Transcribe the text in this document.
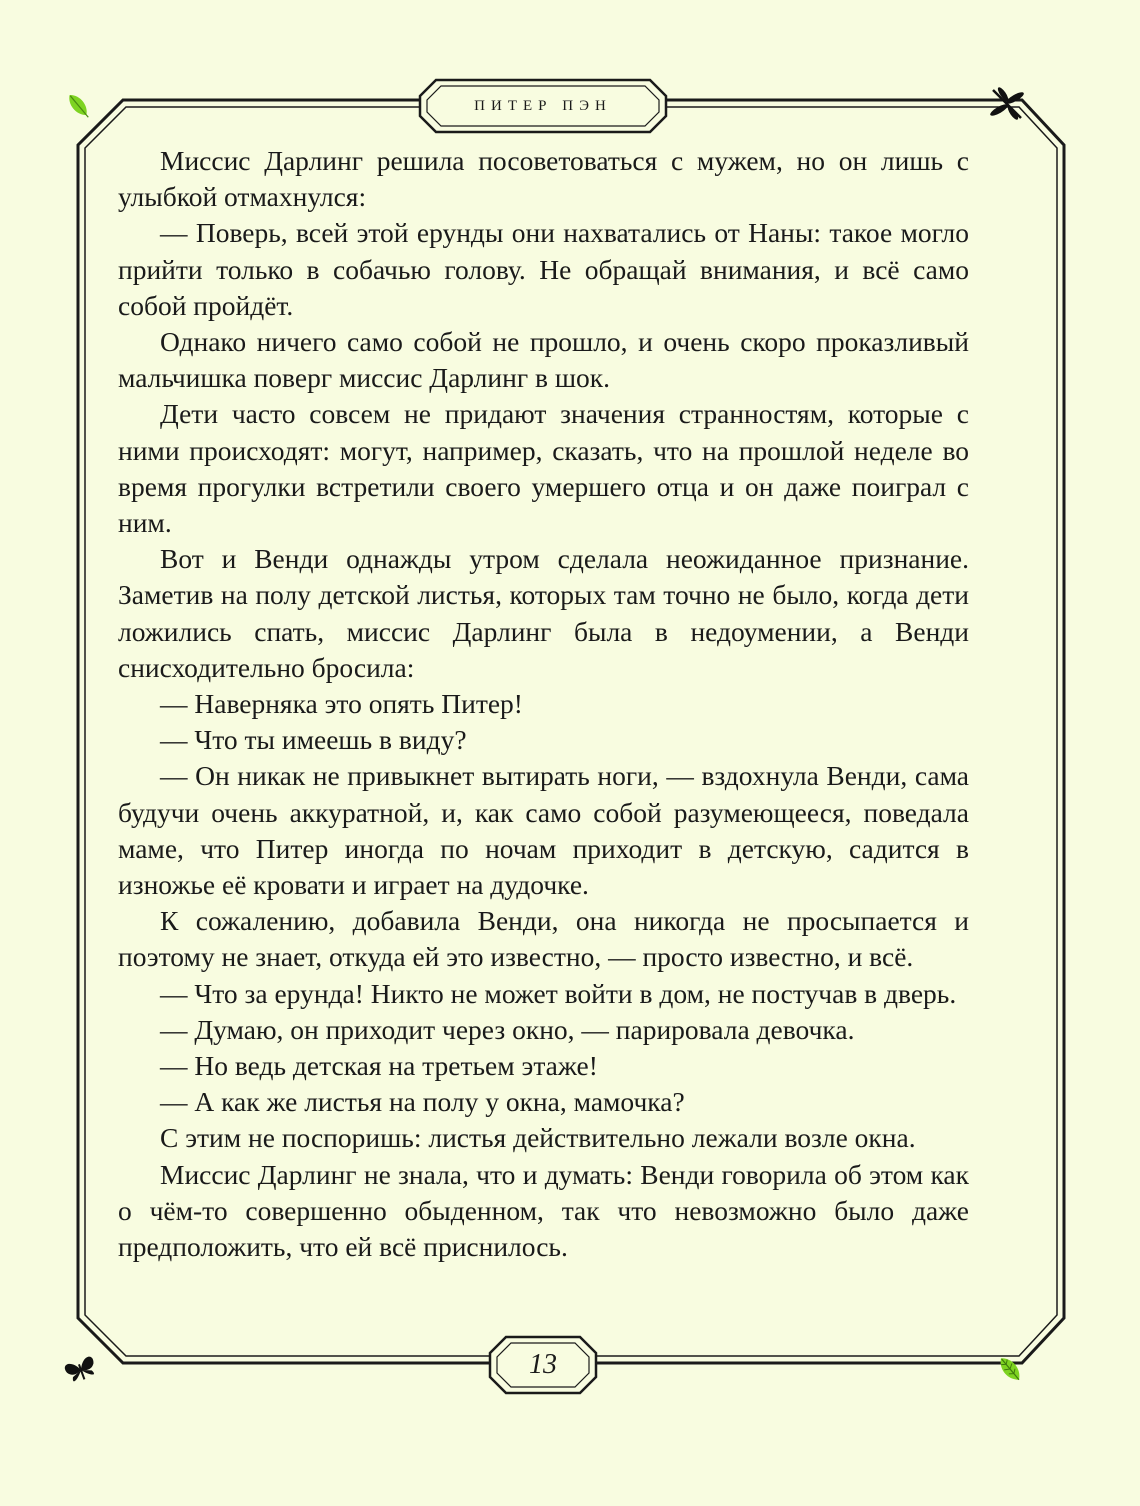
ПИТЕР ПЭН

Миссис Дарлинг решила посоветоваться с мужем, но он лишь с улыбкой отмахнулся:

— Поверь, всей этой ерунды они нахватались от Наны: такое могло прийти только в собачью голову. Не обращай внимания, и всё само собой пройдёт.

Однако ничего само собой не прошло, и очень скоро проказливый мальчишка поверг миссис Дарлинг в шок.

Дети часто совсем не придают значения странностям, которые с ними происходят: могут, например, сказать, что на прошлой неделе во время прогулки встретили своего умершего отца и он даже поиграл с ним.

Вот и Венди однажды утром сделала неожиданное признание. Заметив на полу детской листья, которых там точно не было, когда дети ложились спать, миссис Дарлинг была в недоумении, а Венди снисходительно бросила:

— Наверняка это опять Питер!

— Что ты имеешь в виду?

— Он никак не привыкнет вытирать ноги, — вздохнула Венди, сама будучи очень аккуратной, и, как само собой разумеющееся, поведала маме, что Питер иногда по ночам приходит в детскую, садится в изножье её кровати и играет на дудочке.

К сожалению, добавила Венди, она никогда не просыпается и поэтому не знает, откуда ей это известно, — просто известно, и всё.

— Что за ерунда! Никто не может войти в дом, не постучав в дверь.

— Думаю, он приходит через окно, — парировала девочка.

— Но ведь детская на третьем этаже!

— А как же листья на полу у окна, мамочка?

С этим не поспоришь: листья действительно лежали возле окна.

Миссис Дарлинг не знала, что и думать: Венди говорила об этом как о чём-то совершенно обыденном, так что невозможно было даже предположить, что ей всё приснилось.

13
